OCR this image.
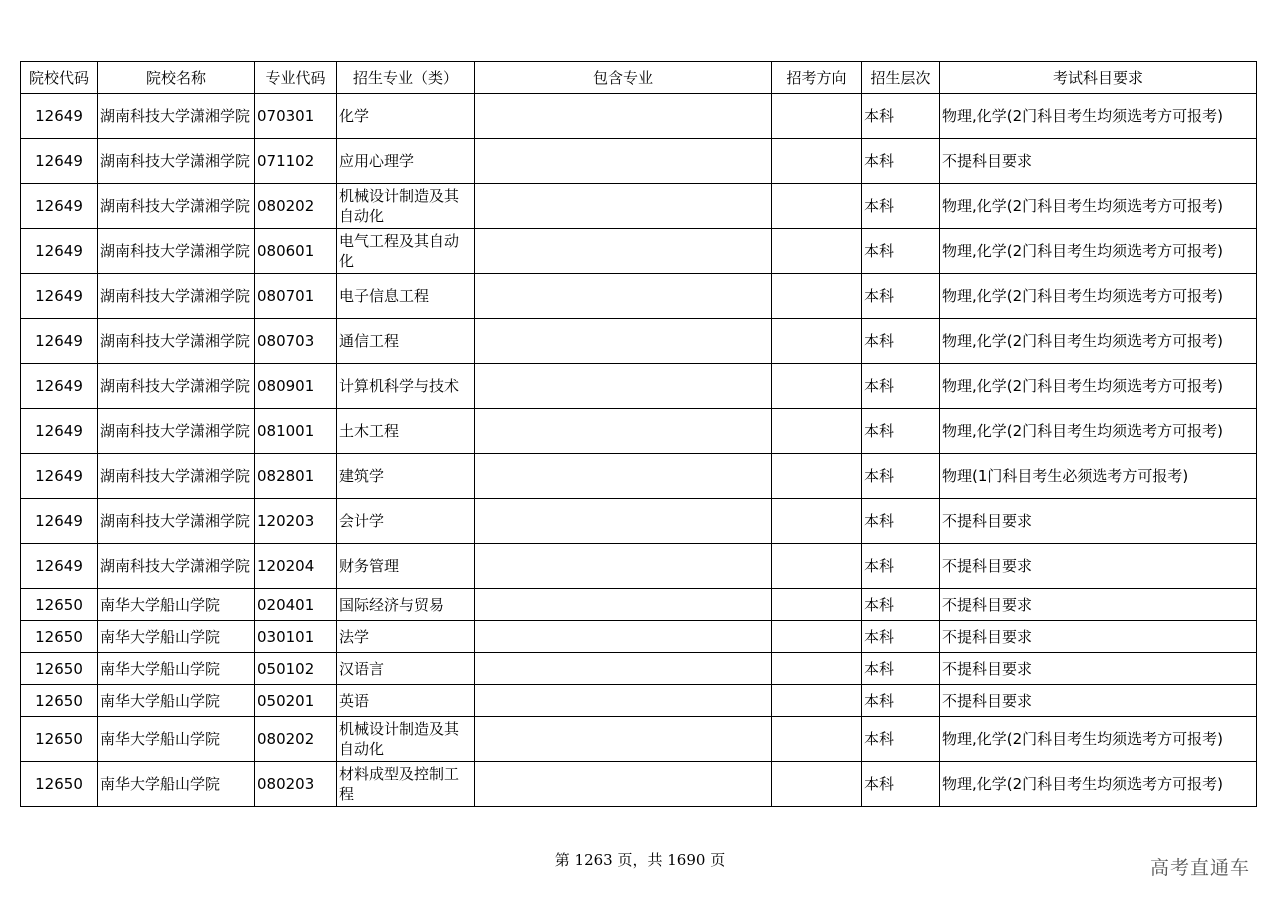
院校代码	院校名称	专业代码	招生专业（类）	包含专业	招考方向	招生层次	考试科目要求
12649	湖南科技大学潇湘学院	070301	化学			本科	物理,化学(2门科目考生均须选考方可报考)
12649	湖南科技大学潇湘学院	071102	应用心理学			本科	不提科目要求
12649	湖南科技大学潇湘学院	080202	机械设计制造及其自动化			本科	物理,化学(2门科目考生均须选考方可报考)
12649	湖南科技大学潇湘学院	080601	电气工程及其自动化			本科	物理,化学(2门科目考生均须选考方可报考)
12649	湖南科技大学潇湘学院	080701	电子信息工程			本科	物理,化学(2门科目考生均须选考方可报考)
12649	湖南科技大学潇湘学院	080703	通信工程			本科	物理,化学(2门科目考生均须选考方可报考)
12649	湖南科技大学潇湘学院	080901	计算机科学与技术			本科	物理,化学(2门科目考生均须选考方可报考)
12649	湖南科技大学潇湘学院	081001	土木工程			本科	物理,化学(2门科目考生均须选考方可报考)
12649	湖南科技大学潇湘学院	082801	建筑学			本科	物理(1门科目考生必须选考方可报考)
12649	湖南科技大学潇湘学院	120203	会计学			本科	不提科目要求
12649	湖南科技大学潇湘学院	120204	财务管理			本科	不提科目要求
12650	南华大学船山学院	020401	国际经济与贸易			本科	不提科目要求
12650	南华大学船山学院	030101	法学			本科	不提科目要求
12650	南华大学船山学院	050102	汉语言			本科	不提科目要求
12650	南华大学船山学院	050201	英语			本科	不提科目要求
12650	南华大学船山学院	080202	机械设计制造及其自动化			本科	物理,化学(2门科目考生均须选考方可报考)
12650	南华大学船山学院	080203	材料成型及控制工程			本科	物理,化学(2门科目考生均须选考方可报考)
第 1263 页，共 1690 页	高考直通车
